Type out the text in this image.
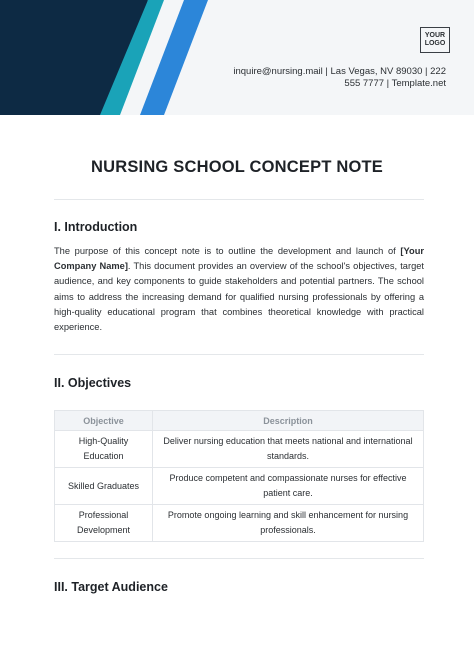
YOUR
LOGO
inquire@nursing.mail | Las Vegas, NV 89030 | 222
555 7777 | Template.net
NURSING SCHOOL CONCEPT NOTE
I. Introduction

The purpose of this concept note is to outline the development and launch of [Your Company Name]. This document provides an overview of the school's objectives, target audience, and key components to guide stakeholders and potential partners. The school aims to address the increasing demand for qualified nursing professionals by offering a high-quality educational program that combines theoretical knowledge with practical experience.

II. Objectives
Objective	Description
High-Quality Education	Deliver nursing education that meets national and international standards.
Skilled Graduates	Produce competent and compassionate nurses for effective patient care.
Professional Development	Promote ongoing learning and skill enhancement for nursing professionals.
III. Target Audience
